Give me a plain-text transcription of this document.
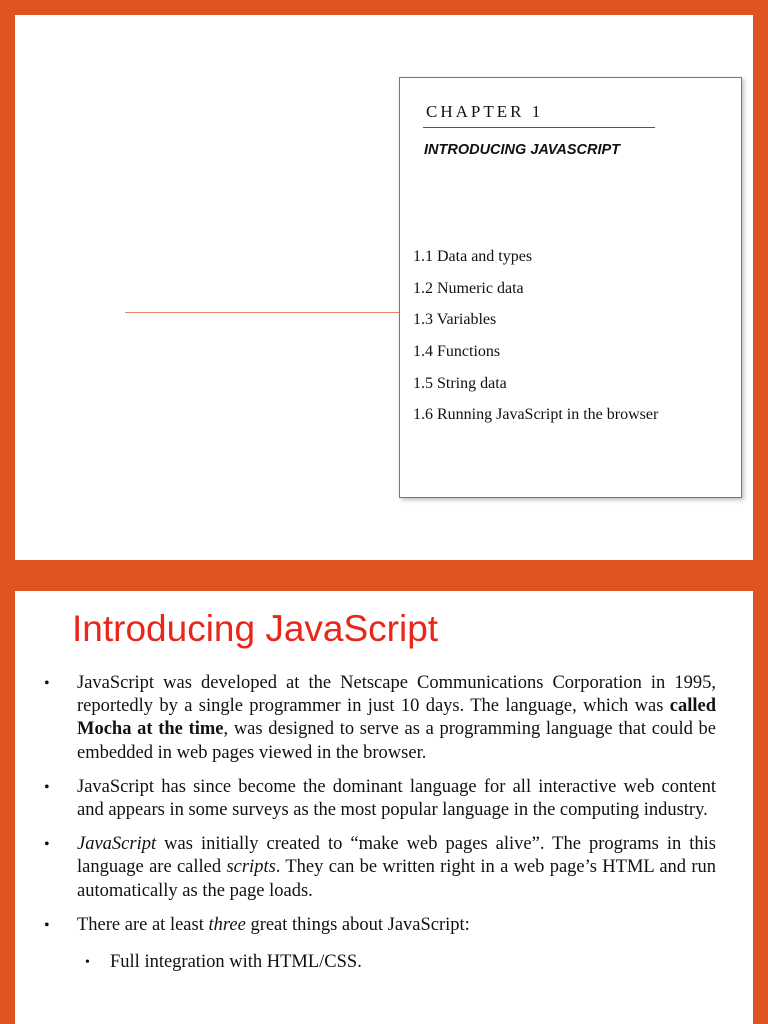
CHAPTER 1
INTRODUCING JAVASCRIPT
1.1 Data and types
1.2 Numeric data
1.3 Variables
1.4 Functions
1.5 String data
1.6 Running JavaScript in the browser
Introducing JavaScript
• JavaScript was developed at the Netscape Communications Corporation in 1995, reportedly by a single programmer in just 10 days. The language, which was called Mocha at the time, was designed to serve as a programming language that could be embedded in web pages viewed in the browser.
• JavaScript has since become the dominant language for all interactive web content and appears in some surveys as the most popular language in the computing industry.
• JavaScript was initially created to “make web pages alive”. The programs in this language are called scripts. They can be written right in a web page’s HTML and run automatically as the page loads.
• There are at least three great things about JavaScript:
• Full integration with HTML/CSS.
